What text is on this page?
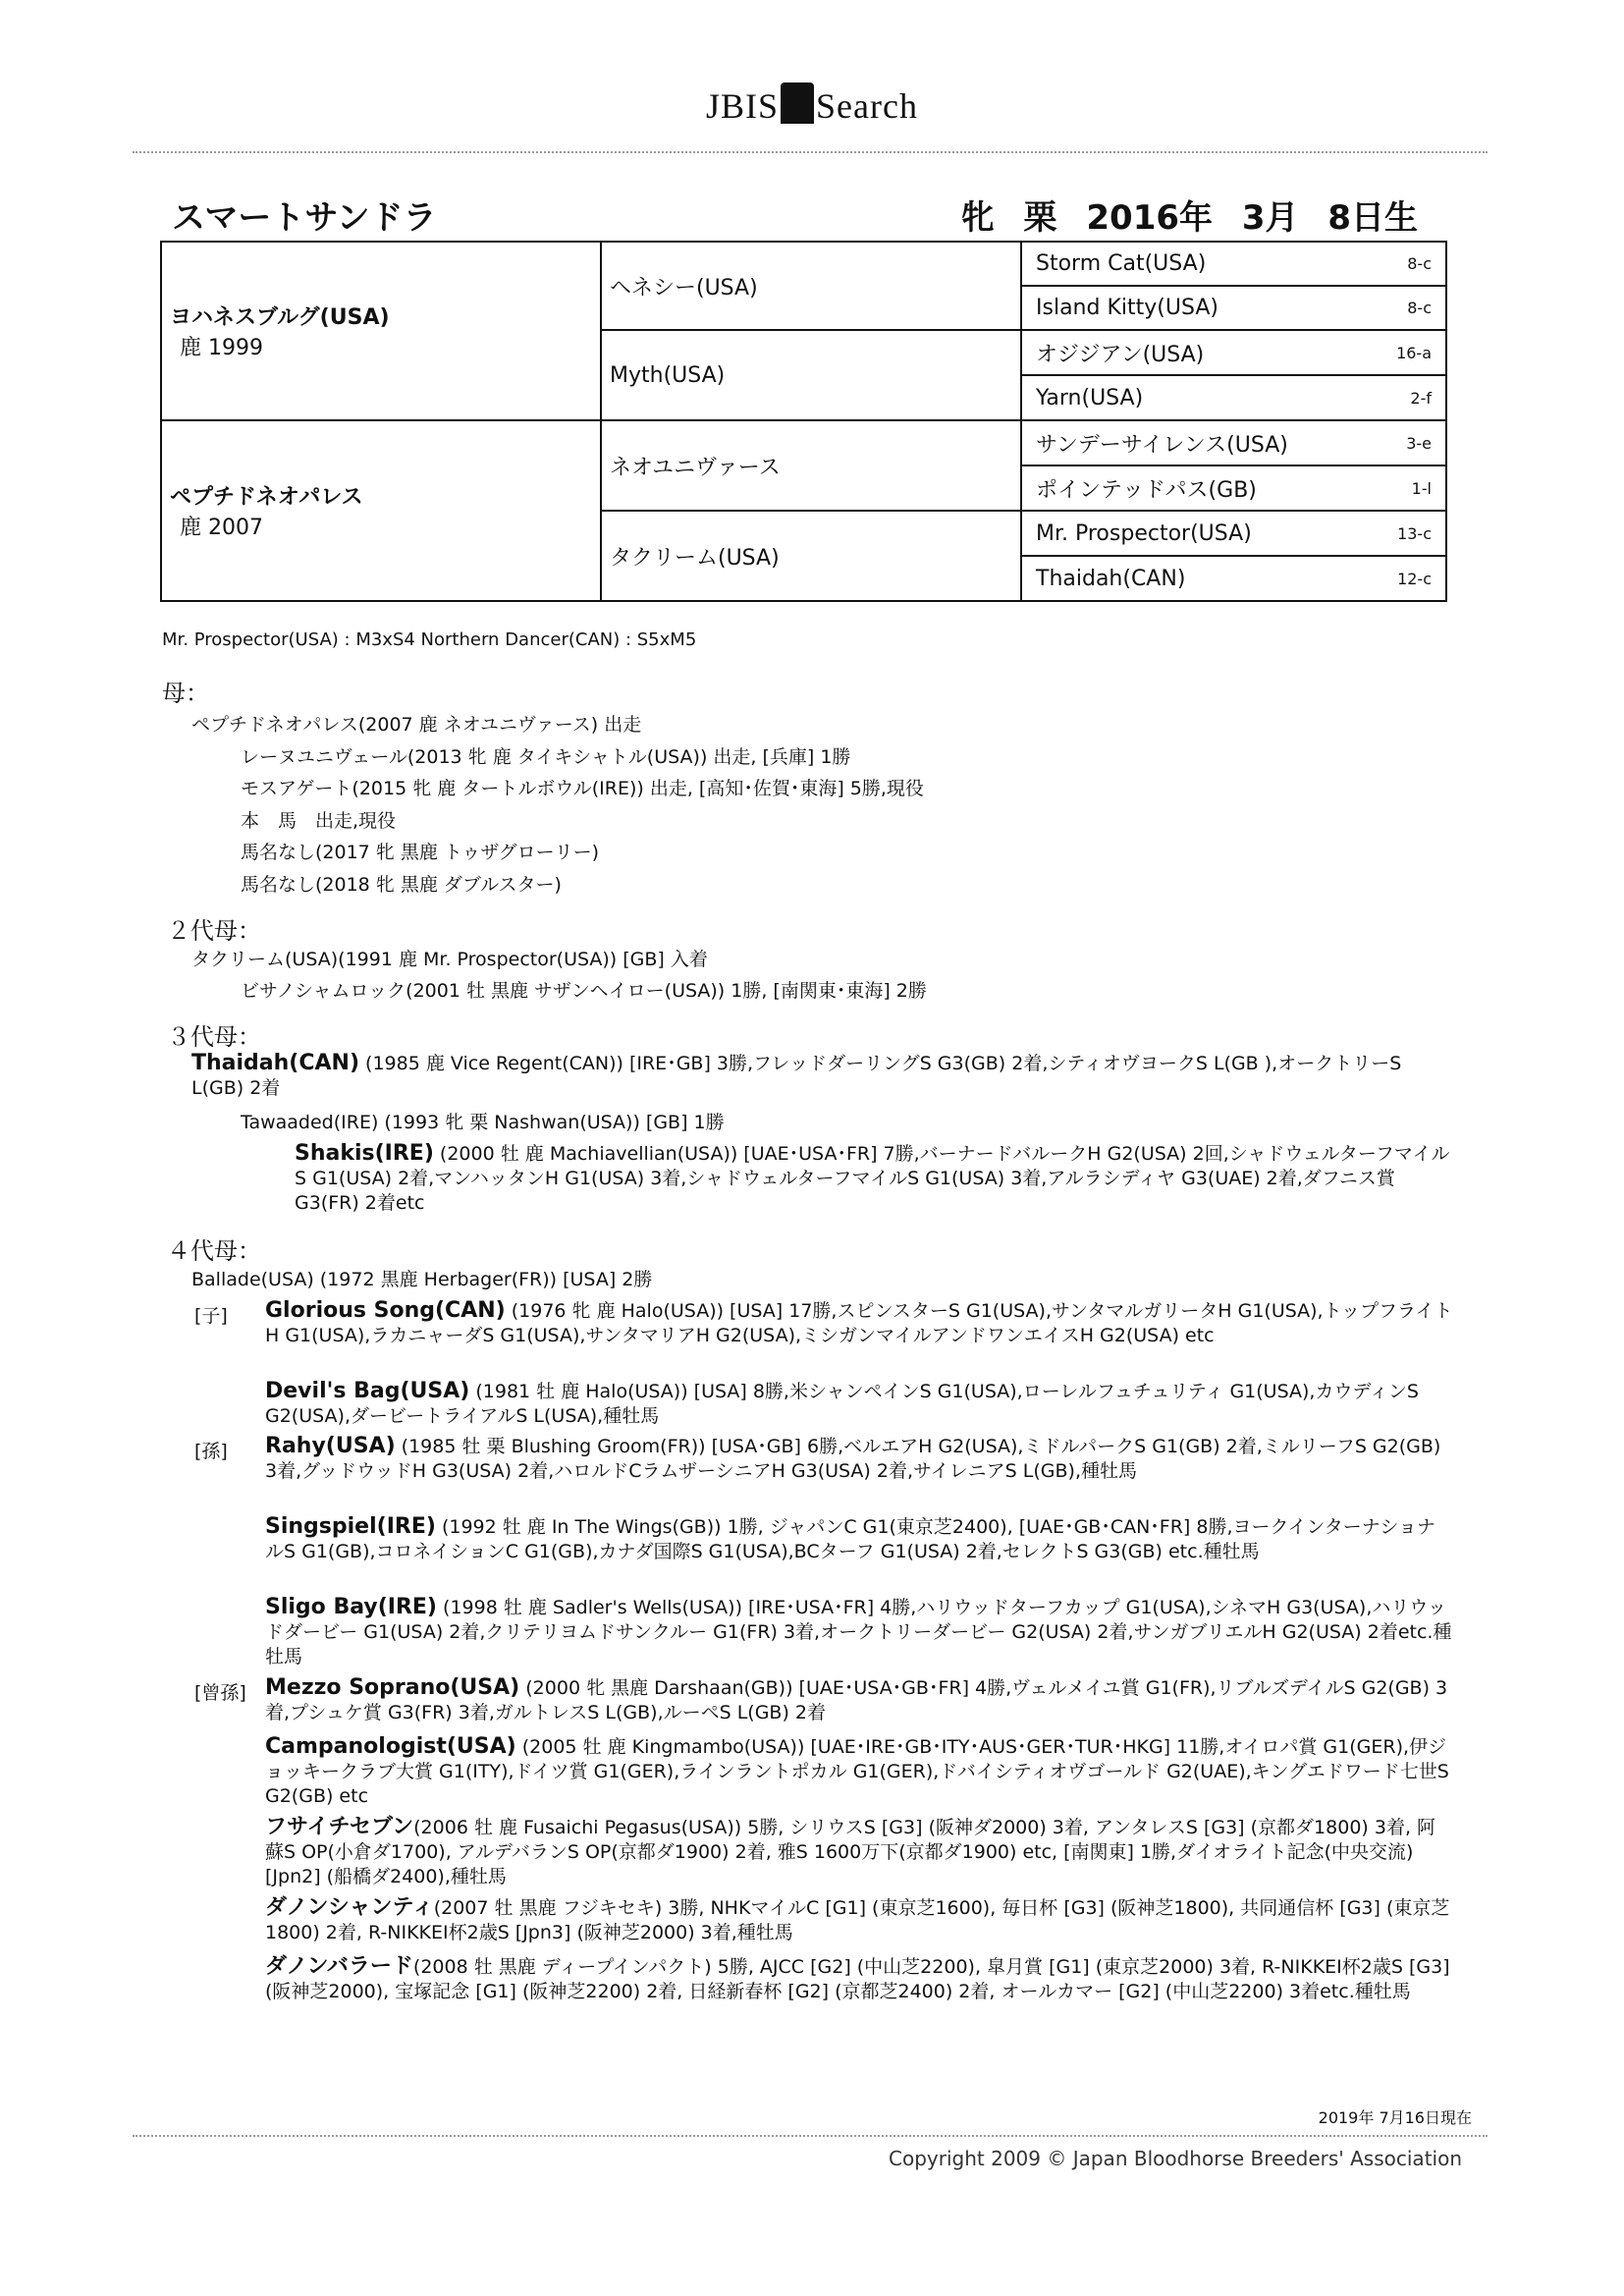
JBIS Search
スマートサンドラ	牝 栗 2016年 3月 8日生
ヨハネスブルグ(USA)
鹿 1999	ヘネシー(USA)	Storm Cat(USA) 8-c

		Island Kitty(USA) 8-c

	Myth(USA)	オジジアン(USA) 16-a

		Yarn(USA) 2-f

ペプチドネオパレス
鹿 2007	ネオユニヴァース	サンデーサイレンス(USA) 3-e

		ポインテッドパス(GB) 1-l

	タクリーム(USA)	Mr. Prospector(USA) 13-c

		Thaidah(CAN) 12-c
Mr. Prospector(USA) : M3xS4 Northern Dancer(CAN) : S5xM5
母：
ペプチドネオパレス(2007 鹿 ネオユニヴァース) 出走
レーヌユニヴェール(2013 牝 鹿 タイキシャトル(USA)) 出走, [兵庫] 1勝
モスアゲート(2015 牝 鹿 タートルボウル(IRE)) 出走, [高知･佐賀･東海] 5勝,現役
本　馬　出走,現役
馬名なし(2017 牝 黒鹿 トゥザグローリー)
馬名なし(2018 牝 黒鹿 ダブルスター)
２代母：
タクリーム(USA)(1991 鹿 Mr. Prospector(USA)) [GB] 入着
ビサノシャムロック(2001 牡 黒鹿 サザンヘイロー(USA)) 1勝, [南関東･東海] 2勝
３代母：
Thaidah(CAN) (1985 鹿 Vice Regent(CAN)) [IRE･GB] 3勝,フレッドダーリングS G3(GB) 2着,シティオヴヨークS L(GB ),オークトリーS L(GB) 2着
Tawaaded(IRE) (1993 牝 栗 Nashwan(USA)) [GB] 1勝
Shakis(IRE) (2000 牡 鹿 Machiavellian(USA)) [UAE･USA･FR] 7勝,バーナードバルークH G2(USA) 2回,シャドウェルターフマイルS G1(USA) 2着,マンハッタンH G1(USA) 3着,シャドウェルターフマイルS G1(USA) 3着,アルラシディヤ G3(UAE) 2着,ダフニス賞 G3(FR) 2着etc
４代母：
Ballade(USA) (1972 黒鹿 Herbager(FR)) [USA] 2勝
[子] Glorious Song(CAN) (1976 牝 鹿 Halo(USA)) [USA] 17勝,スピンスターS G1(USA),サンタマルガリータH G1(USA),トップフライトH G1(USA),ラカニャーダS G1(USA),サンタマリアH G2(USA),ミシガンマイルアンドワンエイスH G2(USA) etc
Devil's Bag(USA) (1981 牡 鹿 Halo(USA)) [USA] 8勝,米シャンペインS G1(USA),ローレルフュチュリティ G1(USA),カウディンS G2(USA),ダービートライアルS L(USA),種牡馬
[孫] Rahy(USA) (1985 牡 栗 Blushing Groom(FR)) [USA･GB] 6勝,ベルエアH G2(USA),ミドルパークS G1(GB) 2着,ミルリーフS G2(GB) 3着,グッドウッドH G3(USA) 2着,ハロルドCラムザーシニアH G3(USA) 2着,サイレニアS L(GB),種牡馬
Singspiel(IRE) (1992 牡 鹿 In The Wings(GB)) 1勝, ジャパンC G1(東京芝2400), [UAE･GB･CAN･FR] 8勝,ヨークインターナショナルS G1(GB),コロネイションC G1(GB),カナダ国際S G1(USA),BCターフ G1(USA) 2着,セレクトS G3(GB) etc.種牡馬
Sligo Bay(IRE) (1998 牡 鹿 Sadler's Wells(USA)) [IRE･USA･FR] 4勝,ハリウッドターフカップ G1(USA),シネマH G3(USA),ハリウッドダービー G1(USA) 2着,クリテリヨムドサンクルー G1(FR) 3着,オークトリーダービー G2(USA) 2着,サンガブリエルH G2(USA) 2着etc.種牡馬
[曾孫] Mezzo Soprano(USA) (2000 牝 黒鹿 Darshaan(GB)) [UAE･USA･GB･FR] 4勝,ヴェルメイユ賞 G1(FR),リブルズデイルS G2(GB) 3着,プシュケ賞 G3(FR) 3着,ガルトレスS L(GB),ルーペS L(GB) 2着
Campanologist(USA) (2005 牡 鹿 Kingmambo(USA)) [UAE･IRE･GB･ITY･AUS･GER･TUR･HKG] 11勝,オイロパ賞 G1(GER),伊ジョッキークラブ大賞 G1(ITY),ドイツ賞 G1(GER),ラインラントポカル G1(GER),ドバイシティオヴゴールド G2(UAE),キングエドワード七世S G2(GB) etc
フサイチセブン(2006 牡 鹿 Fusaichi Pegasus(USA)) 5勝, シリウスS [G3] (阪神ダ2000) 3着, アンタレスS [G3] (京都ダ1800) 3着, 阿蘇S OP(小倉ダ1700), アルデバランS OP(京都ダ1900) 2着, 雅S 1600万下(京都ダ1900) etc, [南関東] 1勝,ダイオライト記念(中央交流) [Jpn2] (船橋ダ2400),種牡馬
ダノンシャンティ(2007 牡 黒鹿 フジキセキ) 3勝, NHKマイルC [G1] (東京芝1600), 毎日杯 [G3] (阪神芝1800), 共同通信杯 [G3] (東京芝1800) 2着, R-NIKKEI杯2歳S [Jpn3] (阪神芝2000) 3着,種牡馬
ダノンバラード(2008 牡 黒鹿 ディープインパクト) 5勝, AJCC [G2] (中山芝2200), 皐月賞 [G1] (東京芝2000) 3着, R-NIKKEI杯2歳S [G3] (阪神芝2000), 宝塚記念 [G1] (阪神芝2200) 2着, 日経新春杯 [G2] (京都芝2400) 2着, オールカマー [G2] (中山芝2200) 3着etc.種牡馬
2019年 7月16日現在
Copyright 2009 © Japan Bloodhorse Breeders' Association
